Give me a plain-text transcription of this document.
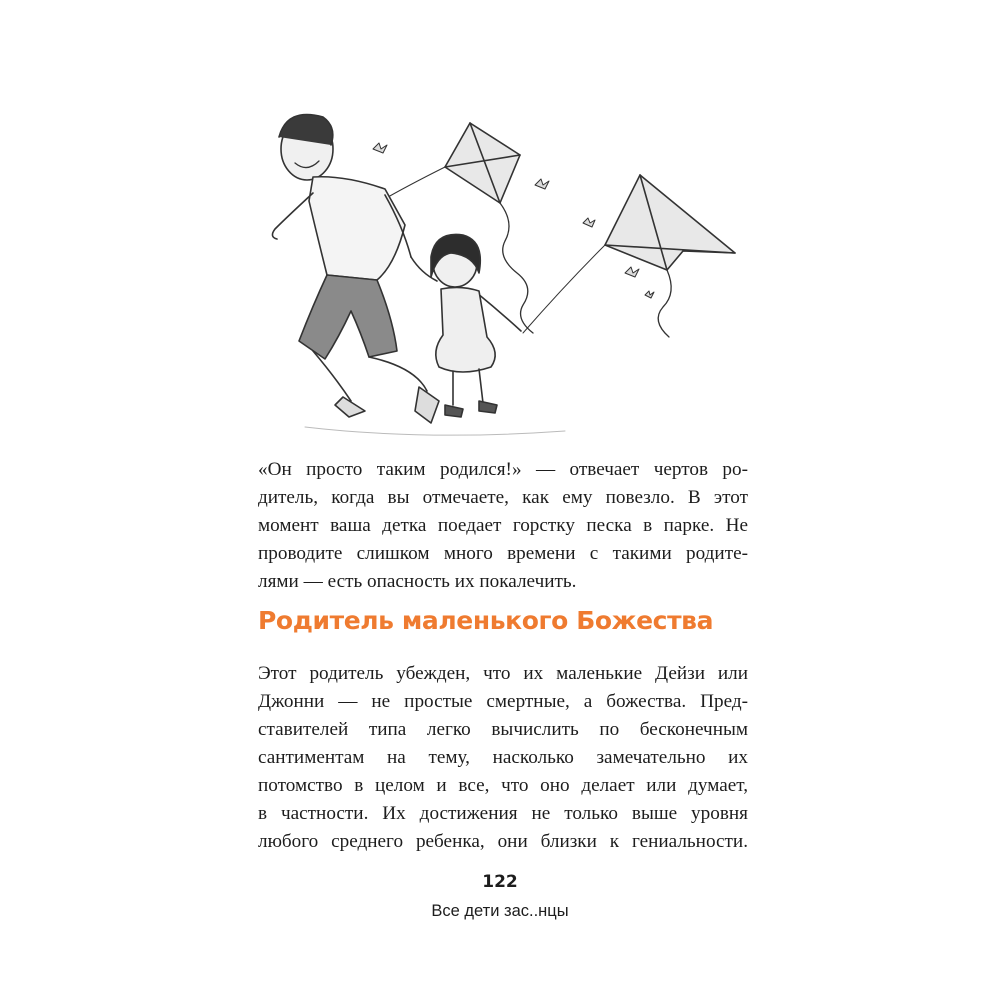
«Он просто таким родился!» — отвечает чертов ро-
дитель, когда вы отмечаете, как ему повезло. В этот
момент ваша детка поедает горстку песка в парке. Не
проводите слишком много времени с такими родите-
лями — есть опасность их покалечить.

Родитель маленького Божества

Этот родитель убежден, что их маленькие Дейзи или
Джонни — не простые смертные, а божества. Пред-
ставителей типа легко вычислить по бесконечным
сантиментам на тему, насколько замечательно их
потомство в целом и все, что оно делает или думает,
в частности. Их достижения не только выше уровня
любого среднего ребенка, они близки к гениальности.

122
Все дети зас..нцы
